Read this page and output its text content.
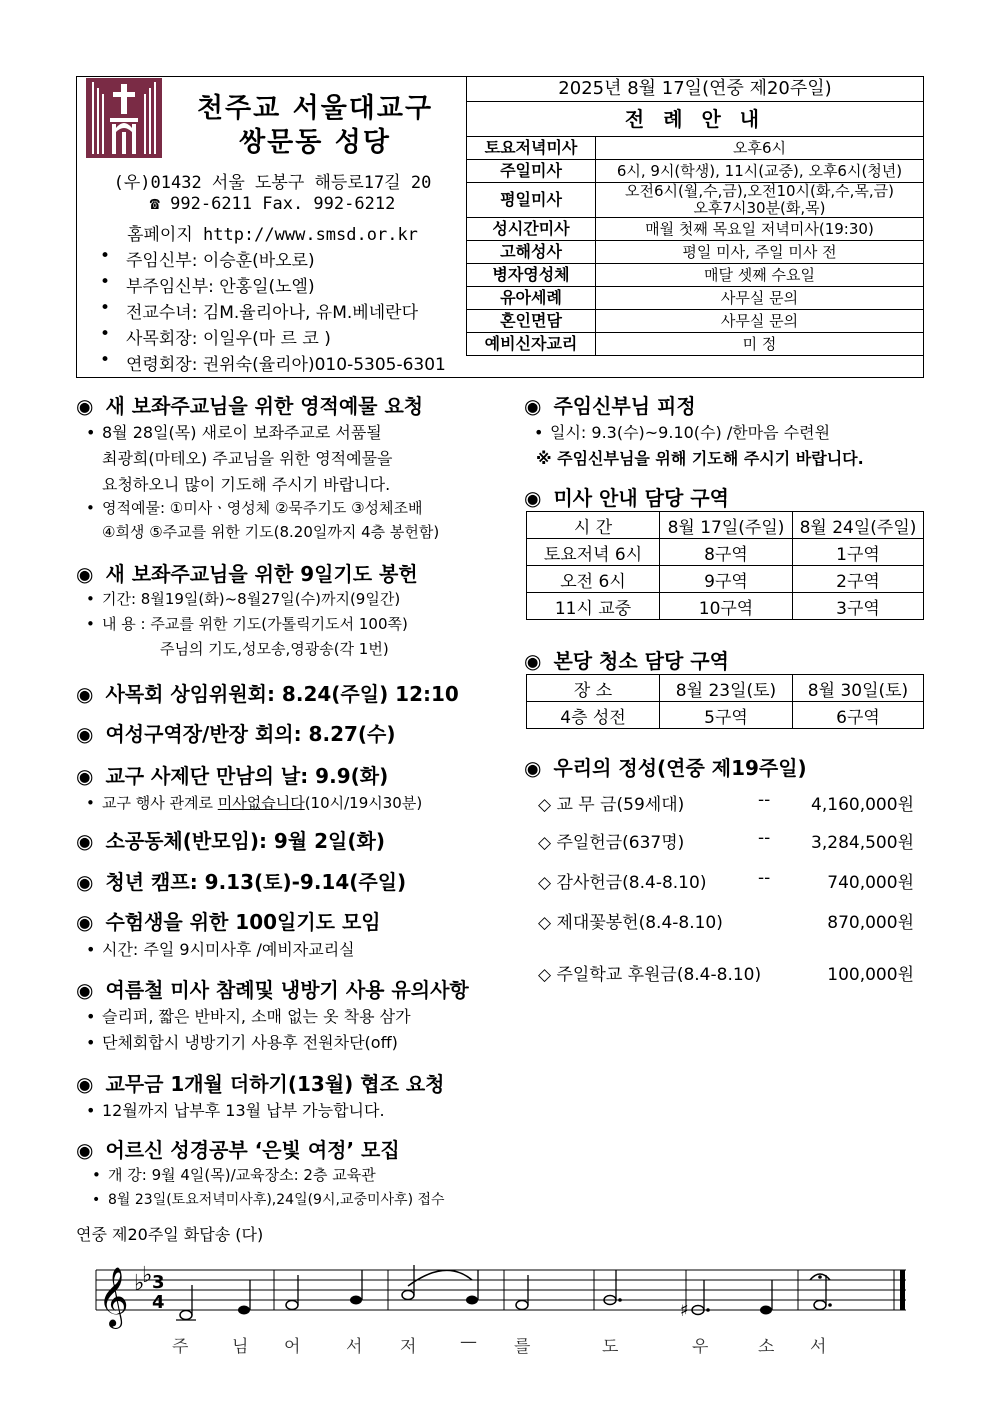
천주교 서울대교구
쌍문동 성당
(우)01432 서울 도봉구 해등로17길 20
☎ 992-6211 Fax. 992-6212
홈페이지 http://www.smsd.or.kr
• 주임신부: 이승훈(바오로)
• 부주임신부: 안홍일(노엘)
• 전교수녀: 김M.율리아나, 유M.베네란다
• 사목회장: 이일우(마 르 코 )
• 연령회장: 권위숙(율리아)010-5305-6301
2025년 8월 17일(연중 제20주일)	
전 례 안 내	
토요저녁미사	오후6시
주일미사	6시, 9시(학생), 11시(교중), 오후6시(청년)
평일미사	오전6시(월,수,금),오전10시(화,수,목,금)
오후7시30분(화,목)

성시간미사	매월 첫째 목요일 저녁미사(19:30)
고해성사	평일 미사, 주일 미사 전
병자영성체	매달 셋째 수요일
유아세례	사무실 문의
혼인면담	사무실 문의
예비신자교리	미 정
◉ 새 보좌주교님을 위한 영적예물 요청
• 8월 28일(목) 새로이 보좌주교로 서품될
최광희(마테오) 주교님을 위한 영적예물을
요청하오니 많이 기도해 주시기 바랍니다.
• 영적예물: ①미사ㆍ영성체 ②묵주기도 ③성체조배
④희생 ⑤주교를 위한 기도(8.20일까지 4층 봉헌함)
◉ 새 보좌주교님을 위한 9일기도 봉헌
• 기간: 8월19일(화)~8월27일(수)까지(9일간)
• 내 용 : 주교를 위한 기도(가톨릭기도서 100쪽)
주님의 기도,성모송,영광송(각 1번)
◉ 사목회 상임위원회: 8.24(주일) 12:10
◉ 여성구역장/반장 회의: 8.27(수)
◉ 교구 사제단 만남의 날: 9.9(화)
• 교구 행사 관계로 미사없습니다(10시/19시30분)
◉ 소공동체(반모임): 9월 2일(화)
◉ 청년 캠프: 9.13(토)-9.14(주일)
◉ 수험생을 위한 100일기도 모임
• 시간: 주일 9시미사후 /예비자교리실
◉ 여름철 미사 참례및 냉방기 사용 유의사항
• 슬리퍼, 짧은 반바지, 소매 없는 옷 착용 삼가
• 단체회합시 냉방기기 사용후 전원차단(off)
◉ 교무금 1개월 더하기(13월) 협조 요청
• 12월까지 납부후 13월 납부 가능합니다.
◉ 어르신 성경공부 ‘은빛 여정’ 모집
• 개 강: 9월 4일(목)/교육장소: 2층 교육관
• 8월 23일(토요저녁미사후),24일(9시,교중미사후) 접수
◉ 주임신부님 피정
• 일시: 9.3(수)~9.10(수) /한마음 수련원
※ 주임신부님을 위해 기도해 주시기 바랍니다.
◉ 미사 안내 담당 구역
시 간	8월 17일(주일)	8월 24일(주일)
토요저녁 6시	8구역	1구역
오전 6시	9구역	2구역
11시 교중	10구역	3구역
◉ 본당 청소 담당 구역
장 소	8월 23일(토)	8월 30일(토)
4층 성전	5구역	6구역
◉ 우리의 정성(연중 제19주일)
◇ 교 무 금(59세대)	-- 4,160,000원
◇ 주일헌금(637명)	-- 3,284,500원
◇ 감사헌금(8.4-8.10)	--	740,000원
◇ 제대꽃봉헌(8.4-8.10)	870,000원
◇ 주일학교 후원금(8.4-8.10)	100,000원
연중 제20주일 화답송 (다)
𝄞 ♭
♭ 3
4	♯
주	님 어	서 저	— 를	도	우	소 서
